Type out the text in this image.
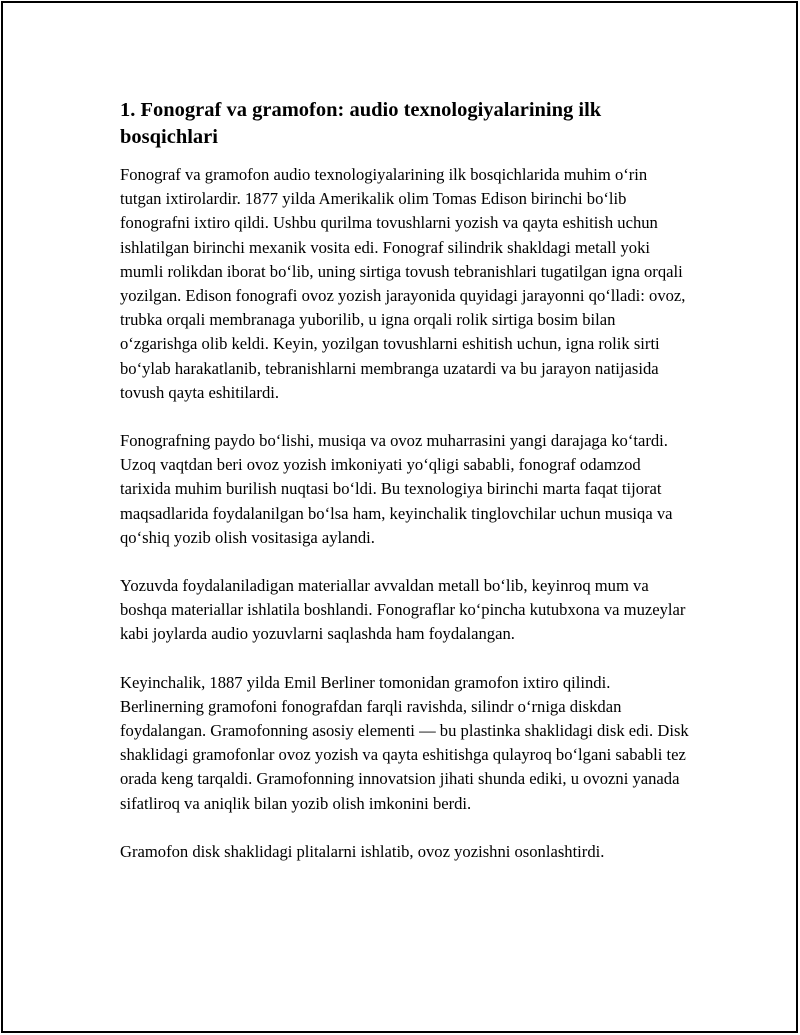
1. Fonograf va gramofon: audio texnologiyalarining ilk bosqichlari

Fonograf va gramofon audio texnologiyalarining ilk bosqichlarida muhim o‘rin tutgan ixtirolardir. 1877 yilda Amerikalik olim Tomas Edison birinchi bo‘lib fonografni ixtiro qildi. Ushbu qurilma tovushlarni yozish va qayta eshitish uchun ishlatilgan birinchi mexanik vosita edi. Fonograf silindrik shakldagi metall yoki mumli rolikdan iborat bo‘lib, uning sirtiga tovush tebranishlari tugatilgan igna orqali yozilgan. Edison fonografi ovoz yozish jarayonida quyidagi jarayonni qo‘lladi: ovoz, trubka orqali membranaga yuborilib, u igna orqali rolik sirtiga bosim bilan o‘zgarishga olib keldi. Keyin, yozilgan tovushlarni eshitish uchun, igna rolik sirti bo‘ylab harakatlanib, tebranishlarni membranga uzatardi va bu jarayon natijasida tovush qayta eshitilardi.

Fonografning paydo bo‘lishi, musiqa va ovoz muharrasini yangi darajaga ko‘tardi. Uzoq vaqtdan beri ovoz yozish imkoniyati yo‘qligi sababli, fonograf odamzod tarixida muhim burilish nuqtasi bo‘ldi. Bu texnologiya birinchi marta faqat tijorat maqsadlarida foydalanilgan bo‘lsa ham, keyinchalik tinglovchilar uchun musiqa va qo‘shiq yozib olish vositasiga aylandi.

Yozuvda foydalaniladigan materiallar avvaldan metall bo‘lib, keyinroq mum va boshqa materiallar ishlatila boshlandi. Fonograflar ko‘pincha kutubxona va muzeylar kabi joylarda audio yozuvlarni saqlashda ham foydalangan.

Keyinchalik, 1887 yilda Emil Berliner tomonidan gramofon ixtiro qilindi. Berlinerning gramofoni fonografdan farqli ravishda, silindr o‘rniga diskdan foydalangan. Gramofonning asosiy elementi — bu plastinka shaklidagi disk edi. Disk shaklidagi gramofonlar ovoz yozish va qayta eshitishga qulayroq bo‘lgani sababli tez orada keng tarqaldi. Gramofonning innovatsion jihati shunda ediki, u ovozni yanada sifatliroq va aniqlik bilan yozib olish imkonini berdi.

Gramofon disk shaklidagi plitalarni ishlatib, ovoz yozishni osonlashtirdi.
